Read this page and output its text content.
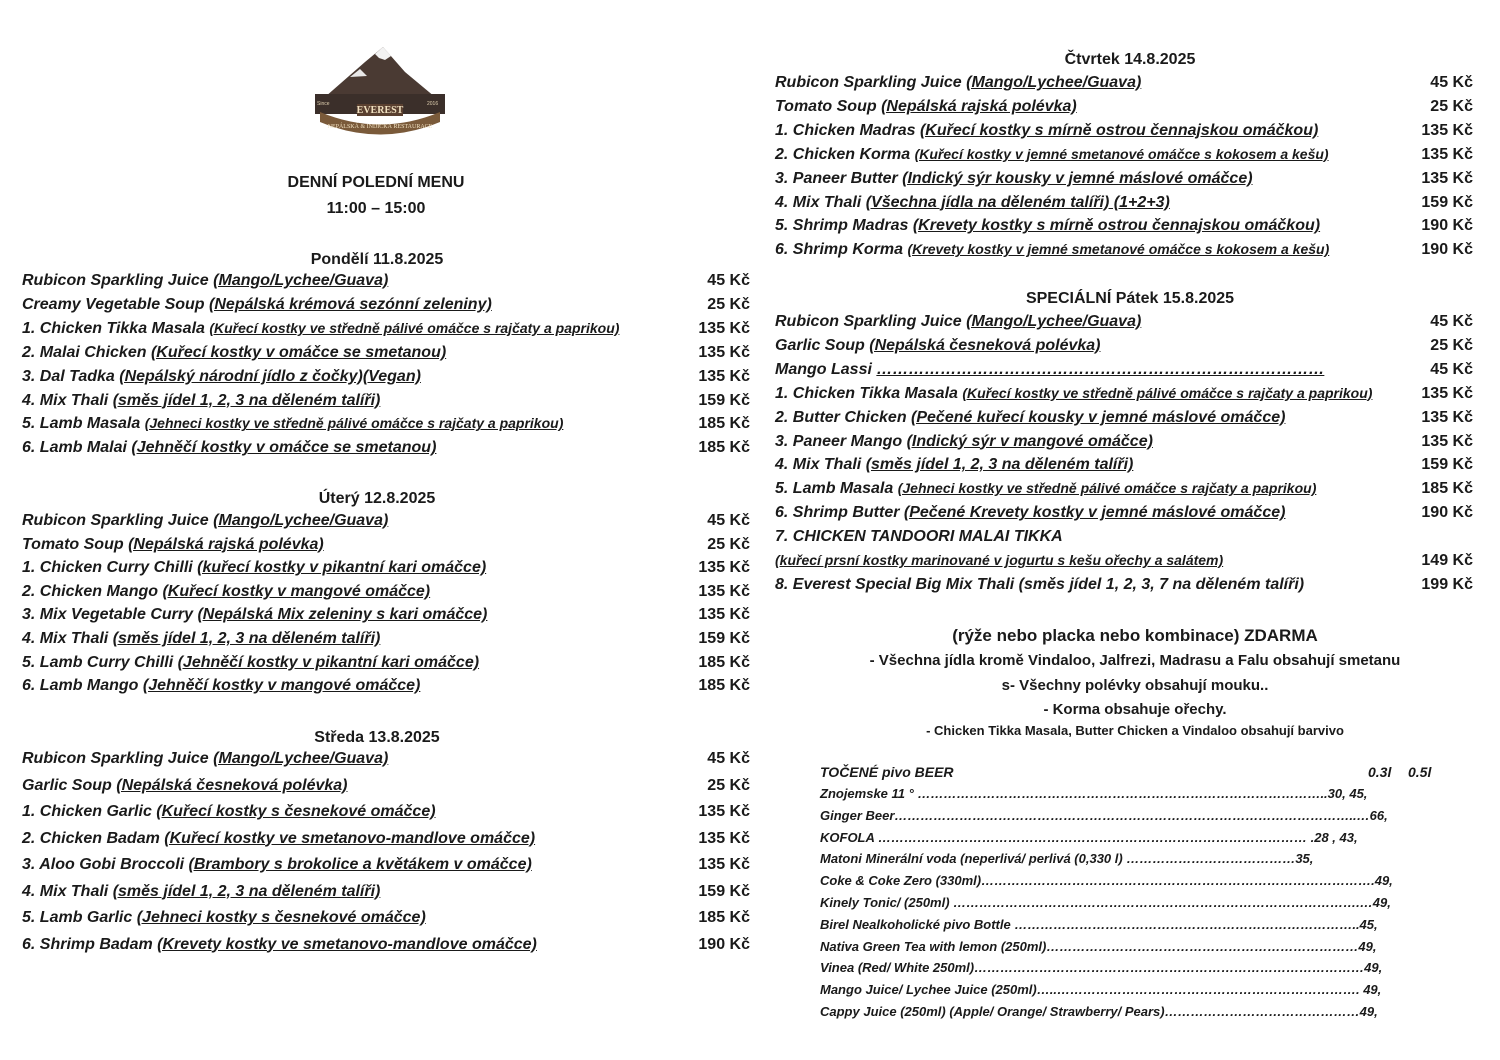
EVEREST
NEPÁLSKÁ & INDICKÁ RESTAURACE
Since	2016
DENNÍ POLEDNÍ MENU
11:00 – 15:00
Pondělí 11.8.2025
Rubicon Sparkling Juice (Mango/Lychee/Guava)	45 Kč
Creamy Vegetable Soup (Nepálská krémová sezónní zeleniny)	25 Kč
1. Chicken Tikka Masala (Kuřecí kostky ve středně pálivé omáčce s rajčaty a paprikou)	135 Kč
2. Malai Chicken (Kuřecí kostky v omáčce se smetanou)	135 Kč
3. Dal Tadka (Nepálský národní jídlo z čočky)(Vegan)	135 Kč
4. Mix Thali (směs jídel 1, 2, 3 na děleném talíři)	159 Kč
5. Lamb Masala (Jehneci kostky ve středně pálivé omáčce s rajčaty a paprikou)	185 Kč
6. Lamb Malai (Jehněčí kostky v omáčce se smetanou)	185 Kč
Úterý 12.8.2025
Rubicon Sparkling Juice (Mango/Lychee/Guava)	45 Kč
Tomato Soup (Nepálská rajská polévka)	25 Kč
1. Chicken Curry Chilli (kuřecí kostky v pikantní kari omáčce)	135 Kč
2. Chicken Mango (Kuřecí kostky v mangové omáčce)	135 Kč
3. Mix Vegetable Curry (Nepálská Mix zeleniny s kari omáčce)	135 Kč
4. Mix Thali (směs jídel 1, 2, 3 na děleném talíři)	159 Kč
5. Lamb Curry Chilli (Jehněčí kostky v pikantní kari omáčce)	185 Kč
6. Lamb Mango (Jehněčí kostky v mangové omáčce)	185 Kč
Středa 13.8.2025
Rubicon Sparkling Juice (Mango/Lychee/Guava)	45 Kč
Garlic Soup (Nepálská česneková polévka)	25 Kč
1. Chicken Garlic (Kuřecí kostky s česnekové omáčce)	135 Kč
2. Chicken Badam (Kuřecí kostky ve smetanovo-mandlove omáčce)	135 Kč
3. Aloo Gobi Broccoli (Brambory s brokolice a květákem v omáčce)	135 Kč
4. Mix Thali (směs jídel 1, 2, 3 na děleném talíři)	159 Kč
5. Lamb Garlic (Jehneci kostky s česnekové omáčce)	185 Kč
6. Shrimp Badam (Krevety kostky ve smetanovo-mandlove omáčce)	190 Kč
Čtvrtek 14.8.2025
Rubicon Sparkling Juice (Mango/Lychee/Guava)	45 Kč
Tomato Soup (Nepálská rajská polévka)	25 Kč
1. Chicken Madras (Kuřecí kostky s mírně ostrou čennajskou omáčkou)	135 Kč
2. Chicken Korma (Kuřecí kostky v jemné smetanové omáčce s kokosem a kešu)	135 Kč
3. Paneer Butter (Indický sýr kousky v jemné máslové omáčce)	135 Kč
4. Mix Thali (Všechna jídla na děleném talíři) (1+2+3)	159 Kč
5. Shrimp Madras (Krevety kostky s mírně ostrou čennajskou omáčkou)	190 Kč
6. Shrimp Korma (Krevety kostky v jemné smetanové omáčce s kokosem a kešu)	190 Kč
SPECIÁLNÍ Pátek 15.8.2025
Rubicon Sparkling Juice (Mango/Lychee/Guava)	45 Kč
Garlic Soup (Nepálská česneková polévka)	25 Kč
Mango Lassi …………………………………………………………………………	45 Kč
1. Chicken Tikka Masala (Kuřecí kostky ve středně pálivé omáčce s rajčaty a paprikou)	135 Kč
2. Butter Chicken (Pečené kuřecí kousky v jemné máslové omáčce)	135 Kč
3. Paneer Mango (Indický sýr v mangové omáčce)	135 Kč
4. Mix Thali (směs jídel 1, 2, 3 na děleném talíři)	159 Kč
5. Lamb Masala (Jehneci kostky ve středně pálivé omáčce s rajčaty a paprikou)	185 Kč
6. Shrimp Butter (Pečené Krevety kostky v jemné máslové omáčce)	190 Kč
7. CHICKEN TANDOORI MALAI TIKKA
(kuřecí prsní kostky marinované v jogurtu s kešu ořechy a salátem)	149 Kč
8. Everest Special Big Mix Thali (směs jídel 1, 2, 3, 7 na děleném talíři)	199 Kč
(rýže nebo placka nebo kombinace) ZDARMA
- Všechna jídla kromě Vindaloo, Jalfrezi, Madrasu a Falu obsahují smetanu
s- Všechny polévky obsahují mouku..
- Korma obsahuje ořechy.
- Chicken Tikka Masala, Butter Chicken a Vindaloo obsahují barvivo
TOČENÉ pivo BEER	0.3l 0.5l
Znojemske 11 ° …………………………………………………………………………………..30, 45,
Ginger Beer……………………………………………………………………………………………..…66,
KOFOLA ……………………………………………………………………………………… .28 , 43,
Matoni Minerální voda (neperlivá/ perlivá (0,330 l) …………………………………35,
Coke & Coke Zero (330ml)……………………………………………………………………………….49,
Kinely Tonic/ (250ml) ………………………………………………………………………………….…49,
Birel Nealkoholické pivo Bottle ……………………………………………………………………..45,
Nativa Green Tea with lemon (250ml)………………………………………………………………49,
Vinea (Red/ White 250ml)………………………………………………………………………………49,
Mango Juice/ Lychee Juice (250ml)…..……………………………………………………………. 49,
Cappy Juice (250ml) (Apple/ Orange/ Strawberry/ Pears)………………………………………49,
